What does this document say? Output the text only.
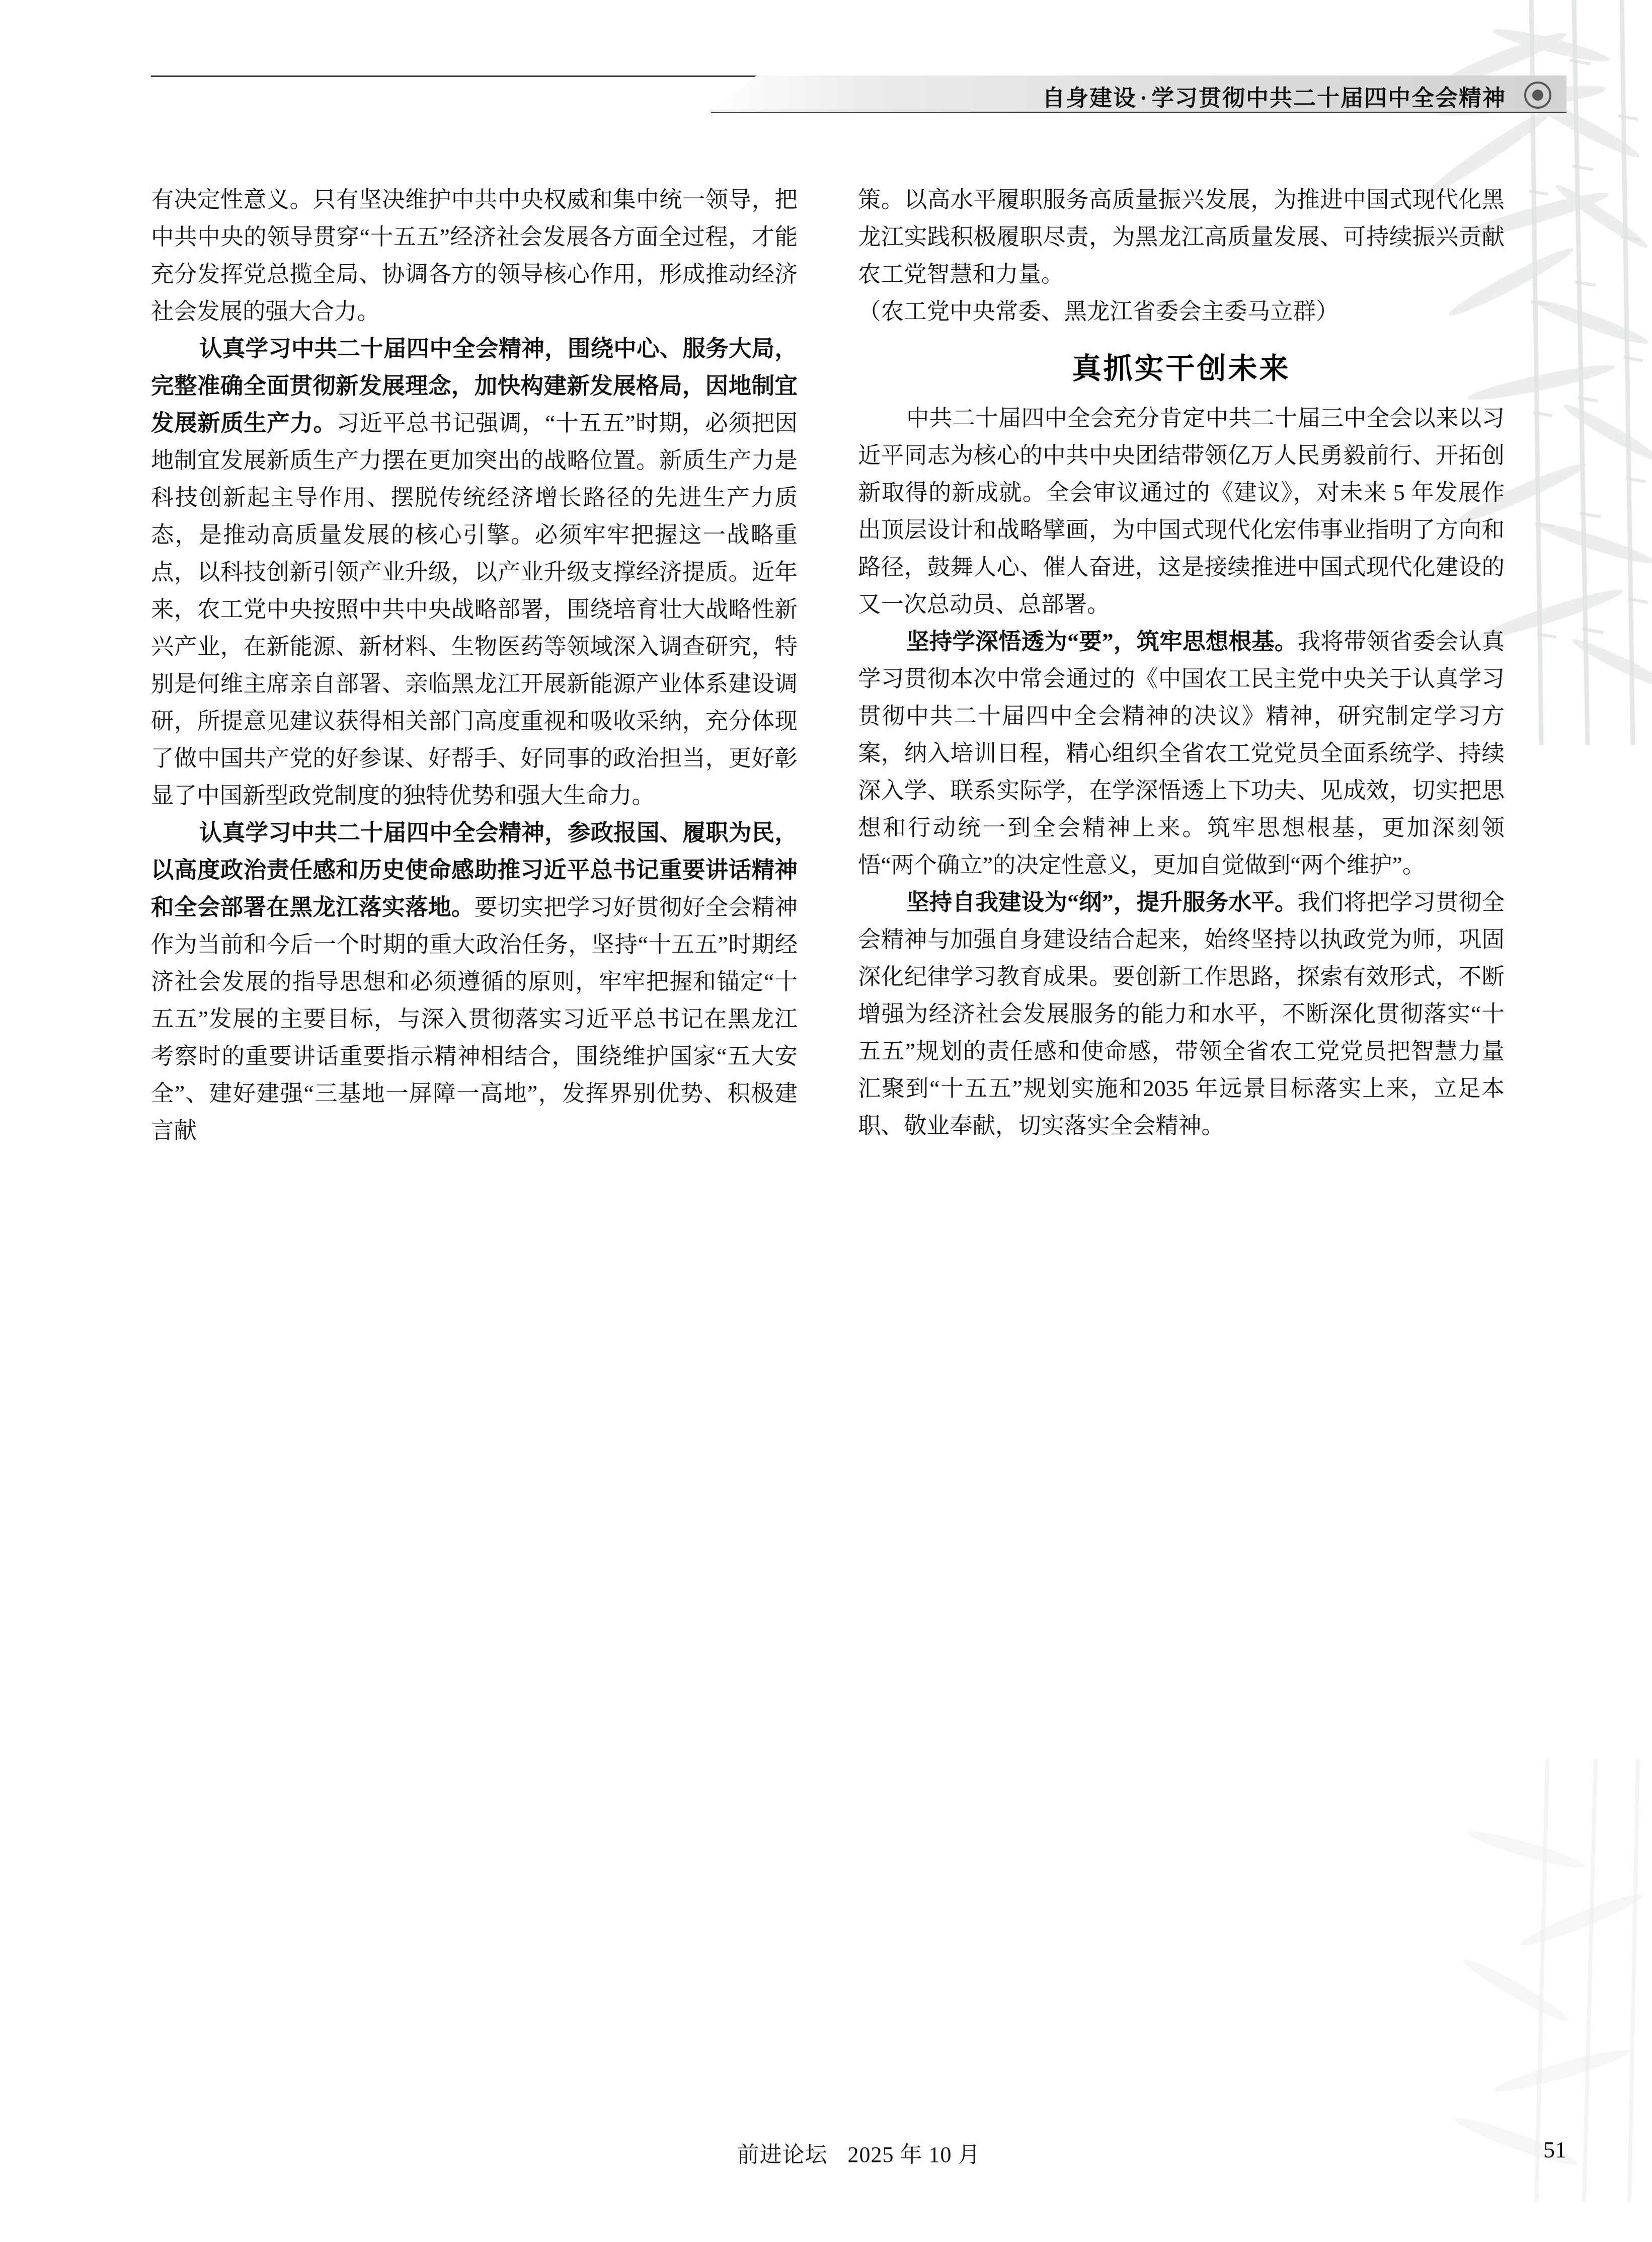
自身建设 · 学习贯彻中共二十届四中全会精神

有决定性意义。只有坚决维护中共中央权威和集中统一领导，把中共中央的领导贯穿“十五五”经济社会发展各方面全过程，才能充分发挥党总揽全局、协调各方的领导核心作用，形成推动经济社会发展的强大合力。

认真学习中共二十届四中全会精神，围绕中心、服务大局，完整准确全面贯彻新发展理念，加快构建新发展格局，因地制宜发展新质生产力。习近平总书记强调，“十五五”时期，必须把因地制宜发展新质生产力摆在更加突出的战略位置。新质生产力是科技创新起主导作用、摆脱传统经济增长路径的先进生产力质态，是推动高质量发展的核心引擎。必须牢牢把握这一战略重点，以科技创新引领产业升级，以产业升级支撑经济提质。近年来，农工党中央按照中共中央战略部署，围绕培育壮大战略性新兴产业，在新能源、新材料、生物医药等领域深入调查研究，特别是何维主席亲自部署、亲临黑龙江开展新能源产业体系建设调研，所提意见建议获得相关部门高度重视和吸收采纳，充分体现了做中国共产党的好参谋、好帮手、好同事的政治担当，更好彰显了中国新型政党制度的独特优势和强大生命力。

认真学习中共二十届四中全会精神，参政报国、履职为民，以高度政治责任感和历史使命感助推习近平总书记重要讲话精神和全会部署在黑龙江落实落地。要切实把学习好贯彻好全会精神作为当前和今后一个时期的重大政治任务，坚持“十五五”时期经济社会发展的指导思想和必须遵循的原则，牢牢把握和锚定“十五五”发展的主要目标，与深入贯彻落实习近平总书记在黑龙江考察时的重要讲话重要指示精神相结合，围绕维护国家“五大安全”、建好建强“三基地一屏障一高地”，发挥界别优势、积极建言献

策。以高水平履职服务高质量振兴发展，为推进中国式现代化黑龙江实践积极履职尽责，为黑龙江高质量发展、可持续振兴贡献农工党智慧和力量。

（农工党中央常委、黑龙江省委会主委马立群）

真抓实干创未来

中共二十届四中全会充分肯定中共二十届三中全会以来以习近平同志为核心的中共中央团结带领亿万人民勇毅前行、开拓创新取得的新成就。全会审议通过的《建议》，对未来 5 年发展作出顶层设计和战略擘画，为中国式现代化宏伟事业指明了方向和路径，鼓舞人心、催人奋进，这是接续推进中国式现代化建设的又一次总动员、总部署。

坚持学深悟透为“要”，筑牢思想根基。我将带领省委会认真学习贯彻本次中常会通过的《中国农工民主党中央关于认真学习贯彻中共二十届四中全会精神的决议》精神，研究制定学习方案，纳入培训日程，精心组织全省农工党党员全面系统学、持续深入学、联系实际学，在学深悟透上下功夫、见成效，切实把思想和行动统一到全会精神上来。筑牢思想根基，更加深刻领悟“两个确立”的决定性意义，更加自觉做到“两个维护”。

坚持自我建设为“纲”，提升服务水平。我们将把学习贯彻全会精神与加强自身建设结合起来，始终坚持以执政党为师，巩固深化纪律学习教育成果。要创新工作思路，探索有效形式，不断增强为经济社会发展服务的能力和水平，不断深化贯彻落实“十五五”规划的责任感和使命感，带领全省农工党党员把智慧力量汇聚到“十五五”规划实施和2035 年远景目标落实上来，立足本职、敬业奉献，切实落实全会精神。

前进论坛 2025 年 10 月	51
